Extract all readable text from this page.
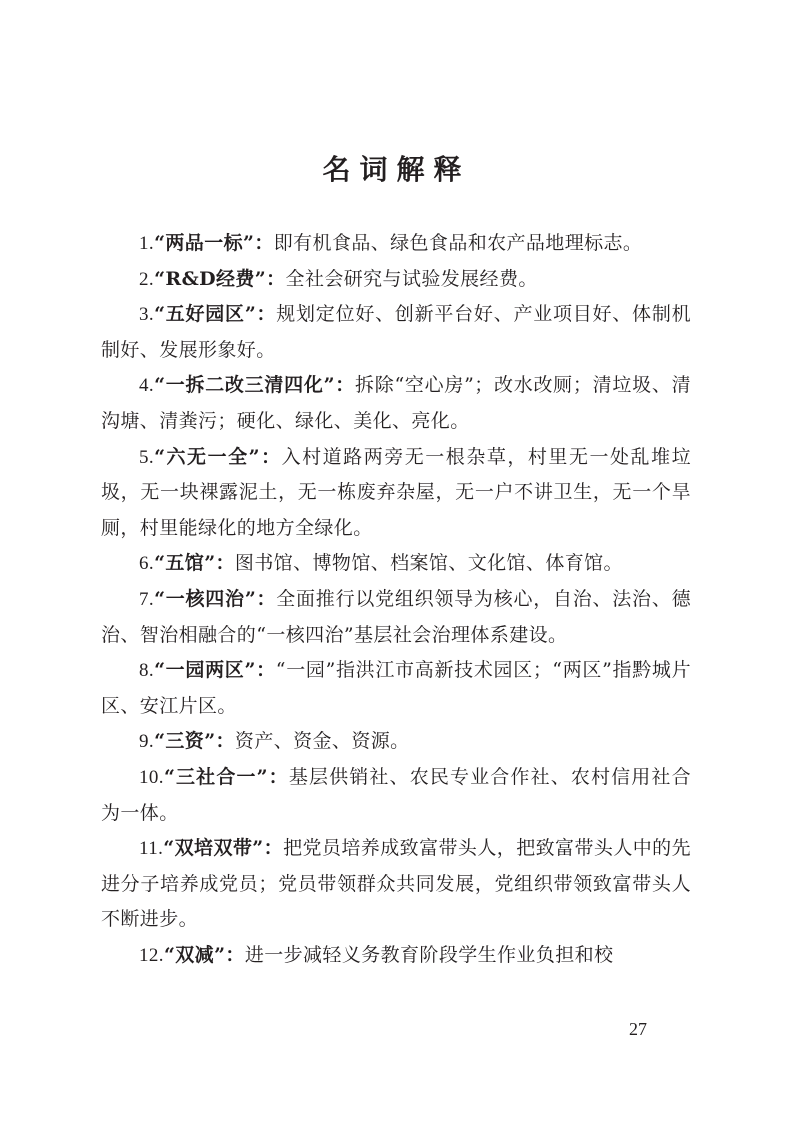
名词解释

1.“两品一标”：即有机食品、绿色食品和农产品地理标志。

2.“R&D经费”：全社会研究与试验发展经费。

3.“五好园区”：规划定位好、创新平台好、产业项目好、体制机制好、发展形象好。

4.“一拆二改三清四化”：拆除“空心房”；改水改厕；清垃圾、清沟塘、清粪污；硬化、绿化、美化、亮化。

5.“六无一全”：入村道路两旁无一根杂草，村里无一处乱堆垃圾，无一块裸露泥土，无一栋废弃杂屋，无一户不讲卫生，无一个旱厕，村里能绿化的地方全绿化。

6.“五馆”：图书馆、博物馆、档案馆、文化馆、体育馆。

7.“一核四治”：全面推行以党组织领导为核心，自治、法治、德治、智治相融合的“一核四治”基层社会治理体系建设。

8.“一园两区”：“一园”指洪江市高新技术园区；“两区”指黔城片区、安江片区。

9.“三资”：资产、资金、资源。

10.“三社合一”：基层供销社、农民专业合作社、农村信用社合为一体。

11.“双培双带”：把党员培养成致富带头人，把致富带头人中的先进分子培养成党员；党员带领群众共同发展，党组织带领致富带头人不断进步。

12.“双减”：进一步减轻义务教育阶段学生作业负担和校

27
